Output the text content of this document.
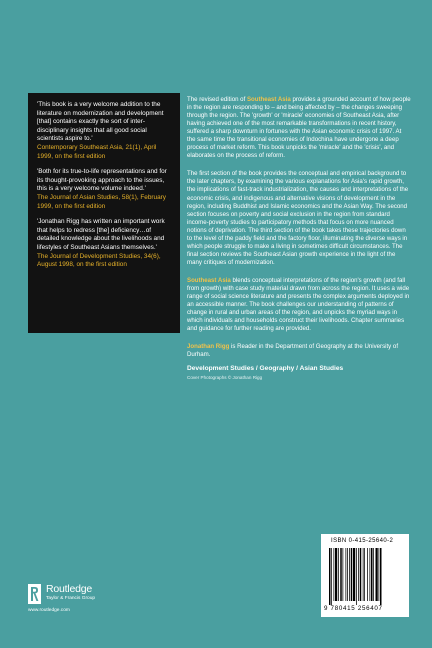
'This book is a very welcome addition to the literature on modernization and development [that] contains exactly the sort of inter-disciplinary insights that all good social scientists aspire to.'
Contemporary Southeast Asia, 21(1), April 1999, on the first edition
'Both for its true-to-life representations and for its thought-provoking approach to the issues, this is a very welcome volume indeed.'
The Journal of Asian Studies, 58(1), February 1999, on the first edition
'Jonathan Rigg has written an important work that helps to redress [the] deficiency…of detailed knowledge about the livelihoods and lifestyles of Southeast Asians themselves.'
The Journal of Development Studies, 34(6), August 1998, on the first edition

The revised edition of Southeast Asia provides a grounded account of how people in the region are responding to – and being affected by – the changes sweeping through the region. The 'growth' or 'miracle' economies of Southeast Asia, after having achieved one of the most remarkable transformations in recent history, suffered a sharp downturn in fortunes with the Asian economic crisis of 1997. At the same time the transitional economies of Indochina have undergone a deep process of market reform. This book unpicks the 'miracle' and the 'crisis', and elaborates on the process of reform.

The first section of the book provides the conceptual and empirical background to the later chapters, by examining the various explanations for Asia's rapid growth, the implications of fast-track industrialization, the causes and interpretations of the economic crisis, and indigenous and alternative visions of development in the region, including Buddhist and Islamic economics and the Asian Way. The second section focuses on poverty and social exclusion in the region from standard income-poverty studies to participatory methods that focus on more nuanced notions of deprivation. The third section of the book takes these trajectories down to the level of the paddy field and the factory floor, illuminating the diverse ways in which people struggle to make a living in sometimes difficult circumstances. The final section reviews the Southeast Asian growth experience in the light of the many critiques of modernization.

Southeast Asia blends conceptual interpretations of the region's growth (and fall from growth) with case study material drawn from across the region. It uses a wide range of social science literature and presents the complex arguments deployed in an accessible manner. The book challenges our understanding of patterns of change in rural and urban areas of the region, and unpicks the myriad ways in which individuals and households construct their livelihoods. Chapter summaries and guidance for further reading are provided.

Jonathan Rigg is Reader in the Department of Geography at the University of Durham.

Development Studies / Geography / Asian Studies
Cover Photographs © Jonathan Rigg
ISBN 0-415-25640-2
9 780415 256407
Routledge
Taylor & Francis Group
www.routledge.com
